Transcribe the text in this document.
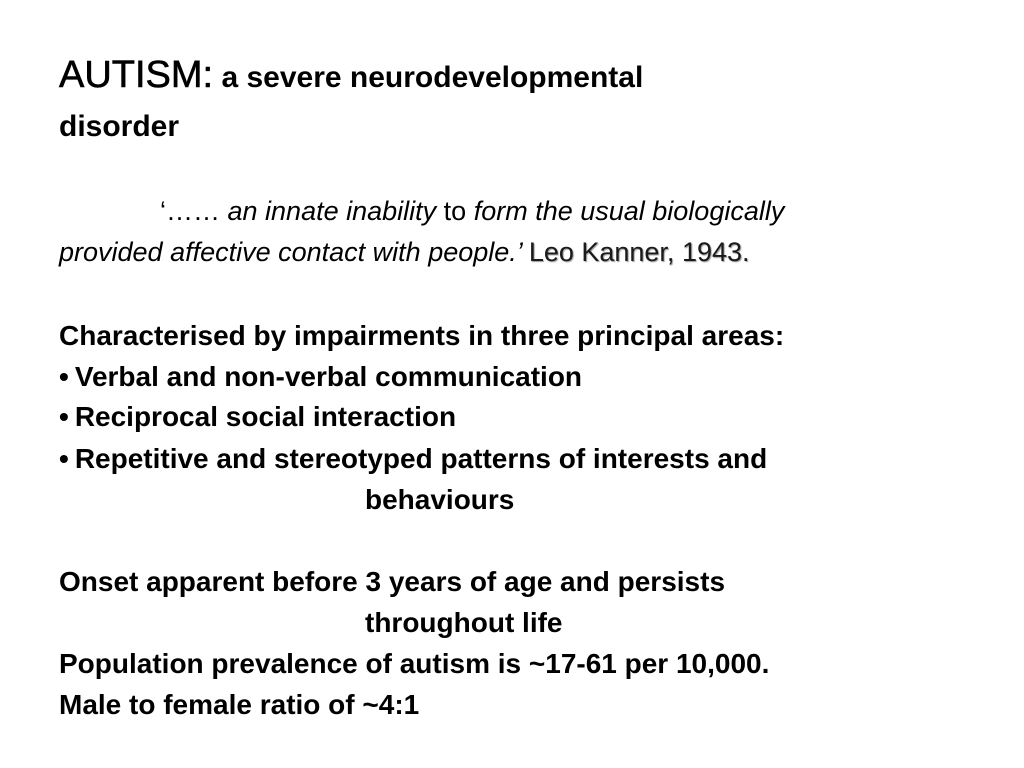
AUTISM: a severe neurodevelopmental
disorder
‘…… an innate inability to form the usual biologically
provided affective contact with people.’ Leo Kanner, 1943.
Characterised by impairments in three principal areas:
• Verbal and non-verbal communication
• Reciprocal social interaction
• Repetitive and stereotyped patterns of interests and
behaviours
Onset apparent before 3 years of age and persists
throughout life
Population prevalence of autism is ~17-61 per 10,000.
Male to female ratio of ~4:1
